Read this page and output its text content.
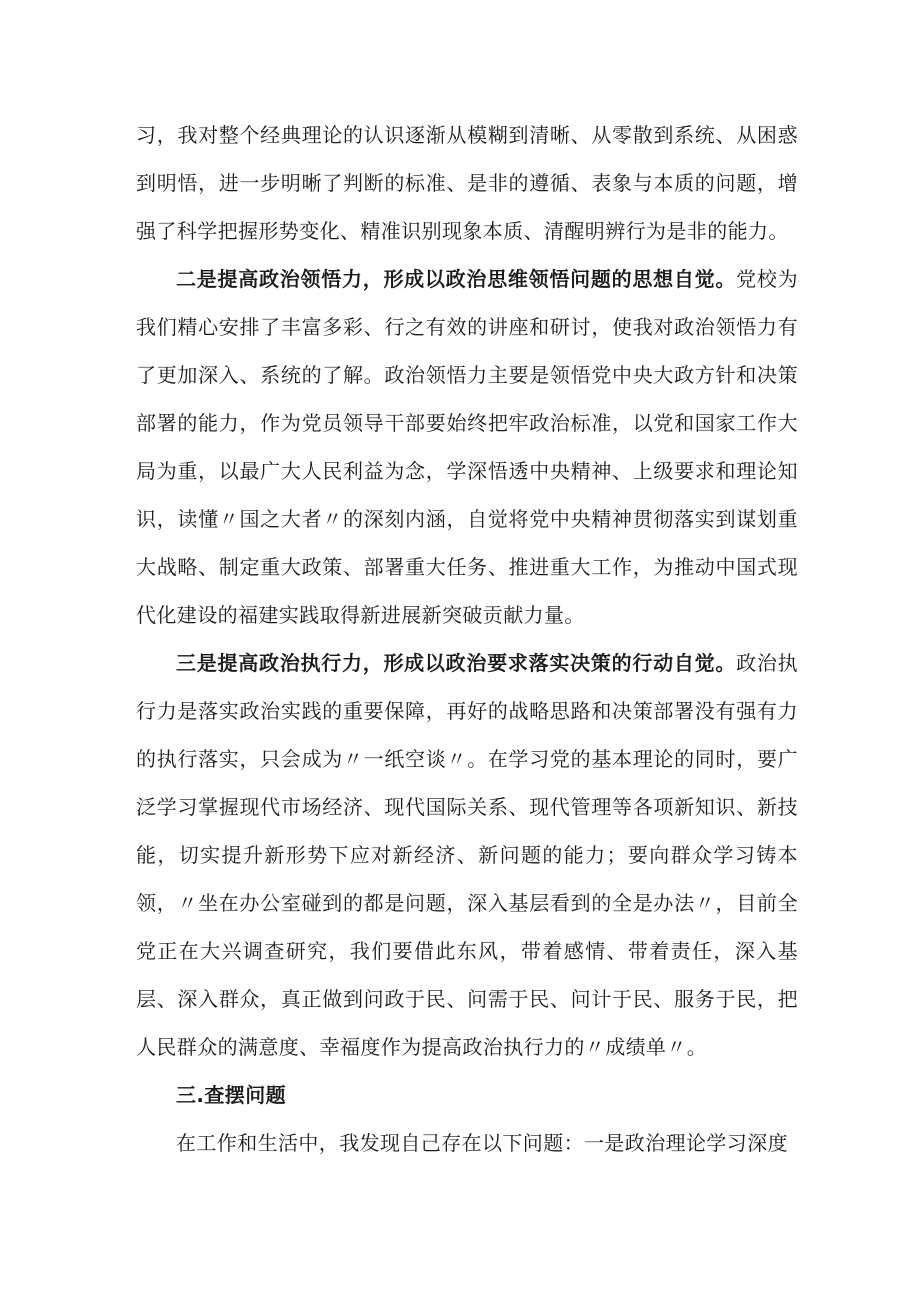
习，我对整个经典理论的认识逐渐从模糊到清晰、从零散到系统、从困惑到明悟，进一步明晰了判断的标准、是非的遵循、表象与本质的问题，增强了科学把握形势变化、精准识别现象本质、清醒明辨行为是非的能力。

二是提高政治领悟力，形成以政治思维领悟问题的思想自觉。党校为我们精心安排了丰富多彩、行之有效的讲座和研讨，使我对政治领悟力有了更加深入、系统的了解。政治领悟力主要是领悟党中央大政方针和决策部署的能力，作为党员领导干部要始终把牢政治标准，以党和国家工作大局为重，以最广大人民利益为念，学深悟透中央精神、上级要求和理论知识，读懂〃国之大者〃的深刻内涵，自觉将党中央精神贯彻落实到谋划重大战略、制定重大政策、部署重大任务、推进重大工作，为推动中国式现代化建设的福建实践取得新进展新突破贡献力量。

三是提高政治执行力，形成以政治要求落实决策的行动自觉。政治执行力是落实政治实践的重要保障，再好的战略思路和决策部署没有强有力的执行落实，只会成为〃一纸空谈〃。在学习党的基本理论的同时，要广泛学习掌握现代市场经济、现代国际关系、现代管理等各项新知识、新技能，切实提升新形势下应对新经济、新问题的能力；要向群众学习铸本领，〃坐在办公室碰到的都是问题，深入基层看到的全是办法〃，目前全党正在大兴调查研究，我们要借此东风，带着感情、带着责任，深入基层、深入群众，真正做到问政于民、问需于民、问计于民、服务于民，把人民群众的满意度、幸福度作为提高政治执行力的〃成绩单〃。

三.查摆问题

在工作和生活中，我发现自己存在以下问题：一是政治理论学习深度
